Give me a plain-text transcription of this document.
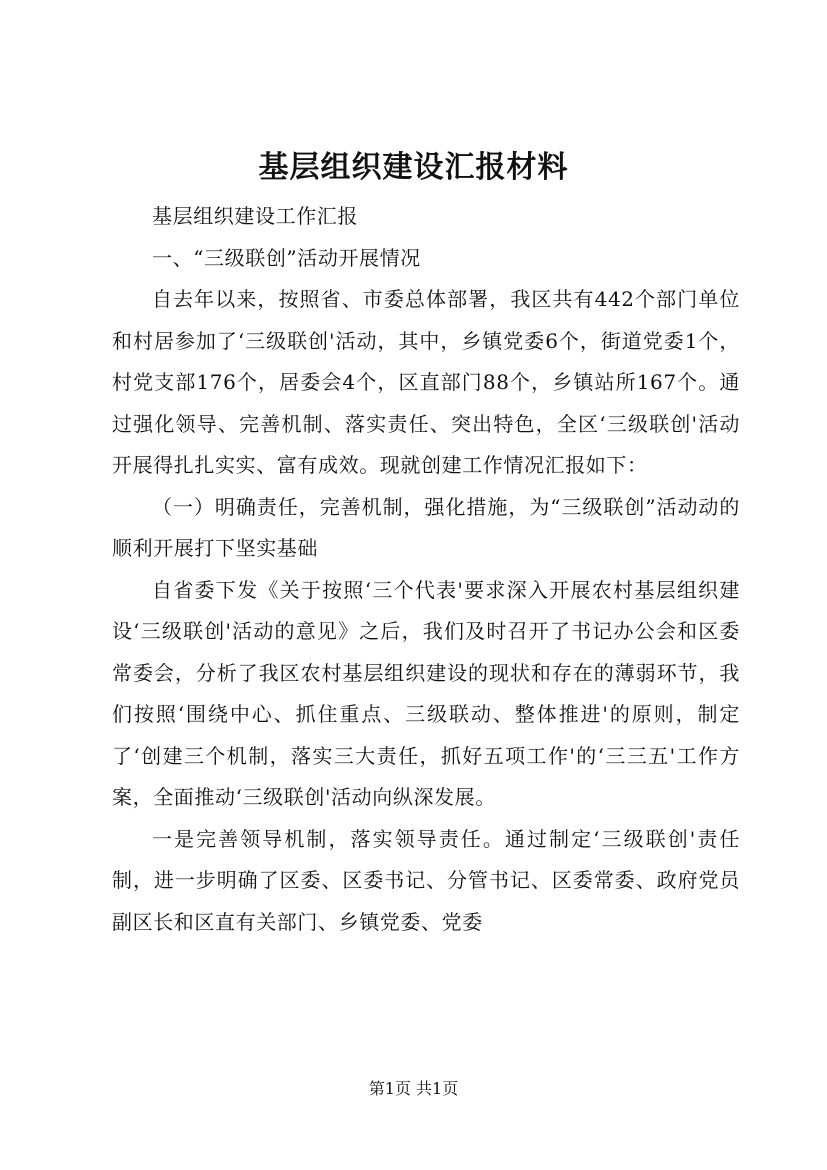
基层组织建设汇报材料

基层组织建设工作汇报

一、“三级联创”活动开展情况

自去年以来，按照省、市委总体部署，我区共有442个部门单位和村居参加了‘三级联创'活动，其中，乡镇党委6个，街道党委1个，村党支部176个，居委会4个，区直部门88个，乡镇站所167个。通过强化领导、完善机制、落实责任、突出特色，全区‘三级联创'活动开展得扎扎实实、富有成效。现就创建工作情况汇报如下：

（一）明确责任，完善机制，强化措施，为“三级联创”活动动的顺利开展打下坚实基础

自省委下发《关于按照‘三个代表'要求深入开展农村基层组织建设‘三级联创'活动的意见》之后，我们及时召开了书记办公会和区委常委会，分析了我区农村基层组织建设的现状和存在的薄弱环节，我们按照‘围绕中心、抓住重点、三级联动、整体推进'的原则，制定了‘创建三个机制，落实三大责任，抓好五项工作'的‘三三五'工作方案，全面推动‘三级联创'活动向纵深发展。

一是完善领导机制，落实领导责任。通过制定‘三级联创'责任制，进一步明确了区委、区委书记、分管书记、区委常委、政府党员副区长和区直有关部门、乡镇党委、党委

第1页 共1页
